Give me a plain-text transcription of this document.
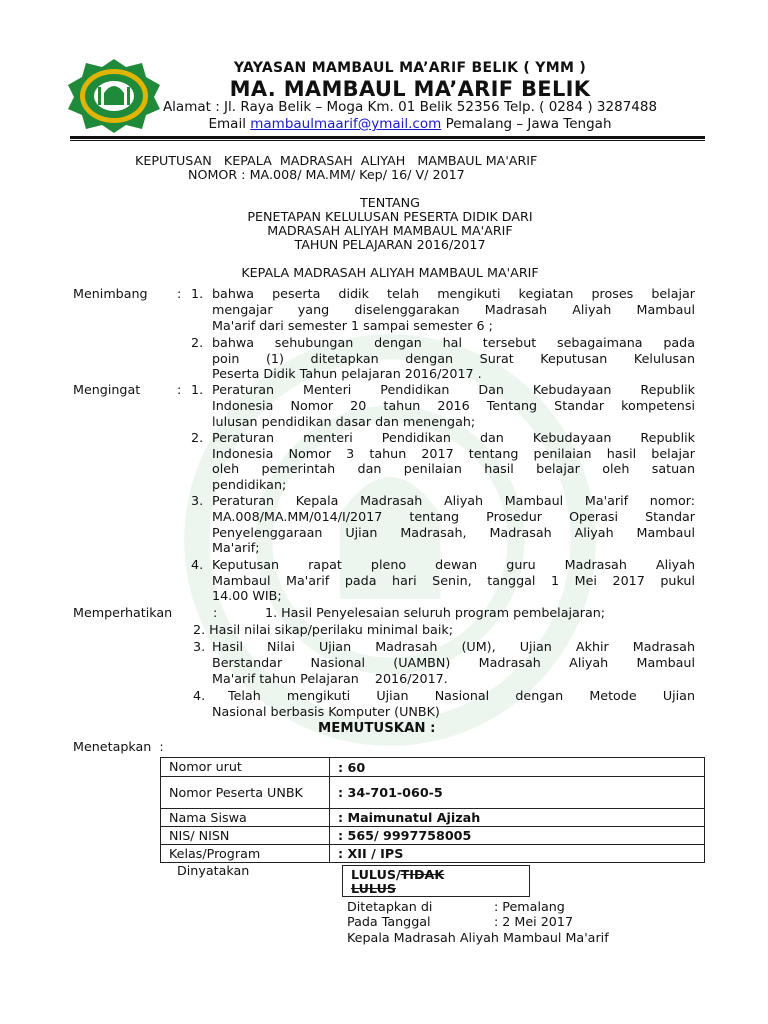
YAYASAN MAMBAUL MA’ARIF BELIK ( YMM )
MA. MAMBAUL MA’ARIF BELIK
Alamat : Jl. Raya Belik – Moga Km. 01 Belik 52356 Telp. ( 0284 ) 3287488
Email mambaulmaarif@ymail.com Pemalang – Jawa Tengah
KEPUTUSAN   KEPALA  MADRASAH  ALIYAH   MAMBAUL MA'ARIF
NOMOR : MA.008/ MA.MM/ Kep/ 16/ V/ 2017
TENTANG
PENETAPAN KELULUSAN PESERTA DIDIK DARI
MADRASAH ALIYAH MAMBAUL MA'ARIF
TAHUN PELAJARAN 2016/2017
KEPALA MADRASAH ALIYAH MAMBAUL MA'ARIF
Menimbang : 1. bahwa peserta didik telah mengikuti kegiatan proses belajar
mengajar yang diselenggarakan Madrasah Aliyah Mambaul
Ma'arif dari semester 1 sampai semester 6 ;
2. bahwa sehubungan dengan hal tersebut sebagaimana pada
poin (1) ditetapkan dengan Surat Keputusan Kelulusan
Peserta Didik Tahun pelajaran 2016/2017 .
Mengingat	: 1. Peraturan Menteri Pendidikan Dan Kebudayaan Republik
Indonesia Nomor 20 tahun 2016 Tentang Standar kompetensi
lulusan pendidikan dasar dan menengah;
2. Peraturan menteri Pendidikan dan Kebudayaan Republik
Indonesia Nomor 3 tahun 2017 tentang penilaian hasil belajar
oleh pemerintah dan penilaian hasil belajar oleh satuan
pendidikan;
3. Peraturan Kepala Madrasah Aliyah Mambaul Ma'arif nomor:
MA.008/MA.MM/014/I/2017 tentang Prosedur Operasi Standar
Penyelenggaraan Ujian Madrasah, Madrasah Aliyah Mambaul
Ma'arif;
4. Keputusan rapat pleno dewan guru Madrasah Aliyah
Mambaul Ma'arif pada hari Senin, tanggal 1 Mei 2017 pukul
14.00 WIB;
Memperhatikan	:	1. Hasil Penyelesaian seluruh program pembelajaran;
2. Hasil nilai sikap/perilaku minimal baik;
3. Hasil Nilai Ujian Madrasah (UM), Ujian Akhir Madrasah
Berstandar Nasional (UAMBN) Madrasah Aliyah Mambaul
Ma'arif tahun Pelajaran    2016/2017.
4. Telah mengikuti Ujian Nasional dengan Metode Ujian
Nasional berbasis Komputer (UNBK)
MEMUTUSKAN :
Menetapkan  :
Nomor urut	: 60
Nomor Peserta UNBK	: 34-701-060-5
Nama Siswa	: Maimunatul Ajizah
NIS/ NISN	: 565/ 9997758005
Kelas/Program	: XII / IPS
Dinyatakan	LULUS/TIDAK
LULUS
Ditetapkan di	: Pemalang
Pada Tanggal	: 2 Mei 2017
Kepala Madrasah Aliyah Mambaul Ma'arif
